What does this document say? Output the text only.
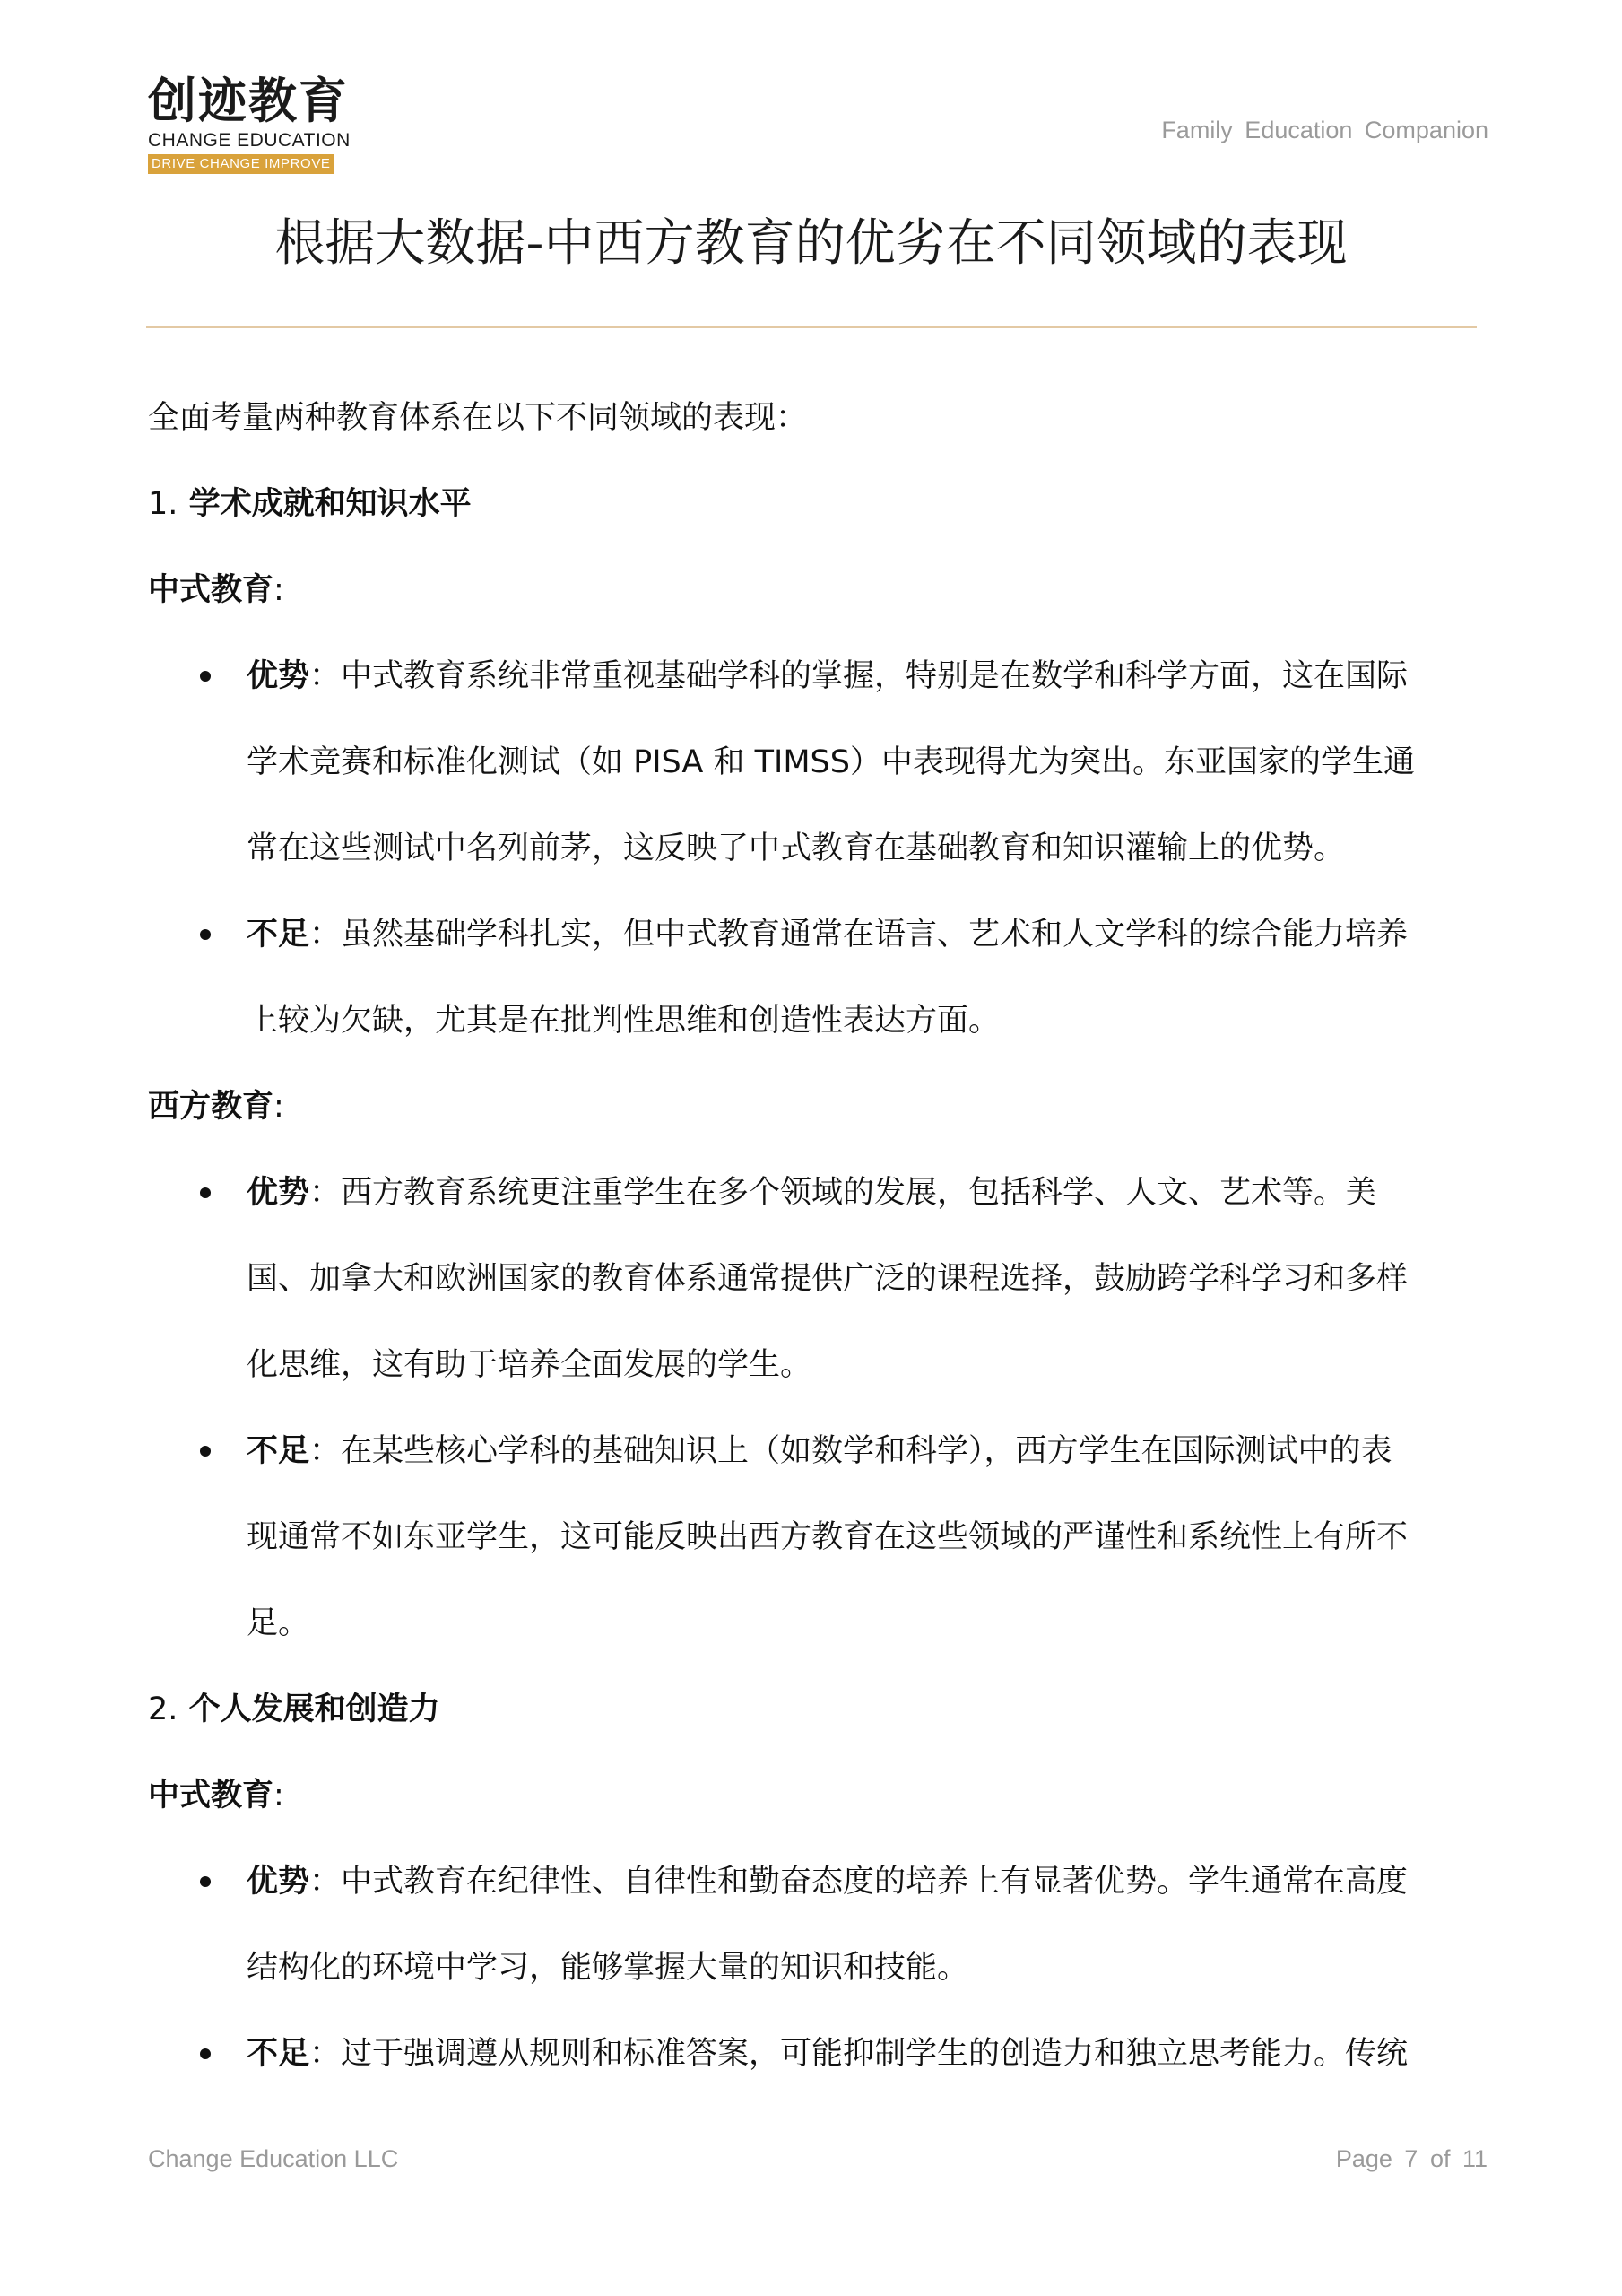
创迹教育
CHANGE EDUCATION
DRIVE CHANGE IMPROVE
Family Education Companion
根据大数据-中西方教育的优劣在不同领域的表现

全面考量两种教育体系在以下不同领域的表现：

1. 学术成就和知识水平

中式教育:

优势：中式教育系统非常重视基础学科的掌握，特别是在数学和科学方面，这在国际
学术竞赛和标准化测试（如 PISA 和 TIMSS）中表现得尤为突出。东亚国家的学生通
常在这些测试中名列前茅，这反映了中式教育在基础教育和知识灌输上的优势。
不足：虽然基础学科扎实，但中式教育通常在语言、艺术和人文学科的综合能力培养
上较为欠缺，尤其是在批判性思维和创造性表达方面。

西方教育:

优势：西方教育系统更注重学生在多个领域的发展，包括科学、人文、艺术等。美
国、加拿大和欧洲国家的教育体系通常提供广泛的课程选择，鼓励跨学科学习和多样
化思维，这有助于培养全面发展的学生。
不足：在某些核心学科的基础知识上（如数学和科学），西方学生在国际测试中的表
现通常不如东亚学生，这可能反映出西方教育在这些领域的严谨性和系统性上有所不
足。

2. 个人发展和创造力

中式教育:

优势：中式教育在纪律性、自律性和勤奋态度的培养上有显著优势。学生通常在高度
结构化的环境中学习，能够掌握大量的知识和技能。
不足：过于强调遵从规则和标准答案，可能抑制学生的创造力和独立思考能力。传统
Change Education LLC	Page 7 of 11
